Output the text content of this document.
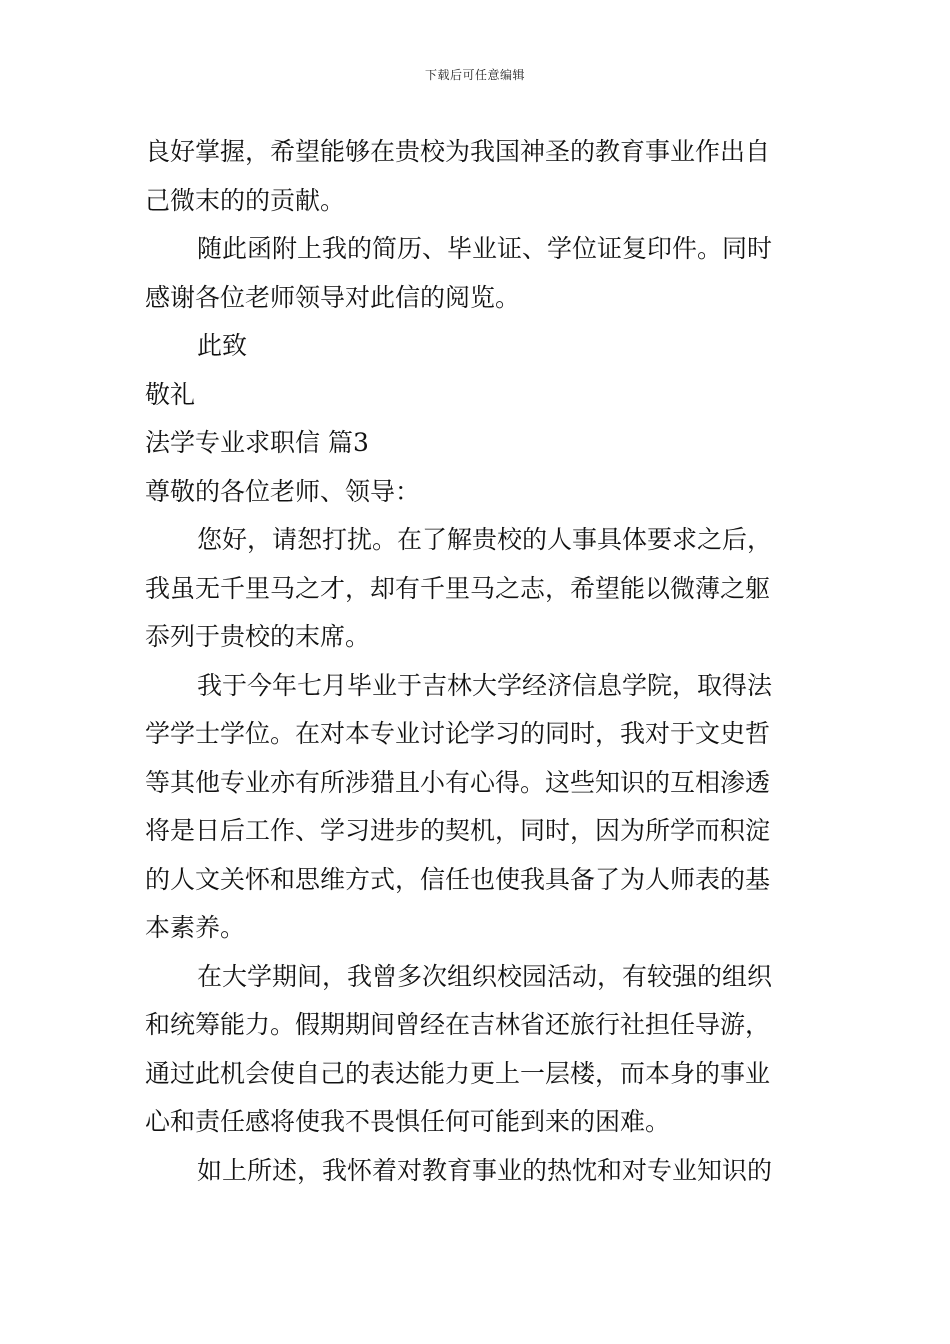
下载后可任意编辑
良好掌握，希望能够在贵校为我国神圣的教育事业作出自
己微末的的贡献。
随此函附上我的简历、毕业证、学位证复印件。同时
感谢各位老师领导对此信的阅览。
此致
敬礼
法学专业求职信 篇3
尊敬的各位老师、领导：
您好，请恕打扰。在了解贵校的人事具体要求之后，
我虽无千里马之才，却有千里马之志，希望能以微薄之躯
忝列于贵校的末席。
我于今年七月毕业于吉林大学经济信息学院，取得法
学学士学位。在对本专业讨论学习的同时，我对于文史哲
等其他专业亦有所涉猎且小有心得。这些知识的互相渗透
将是日后工作、学习进步的契机，同时，因为所学而积淀
的人文关怀和思维方式，信任也使我具备了为人师表的基
本素养。
在大学期间，我曾多次组织校园活动，有较强的组织
和统筹能力。假期期间曾经在吉林省还旅行社担任导游，
通过此机会使自己的表达能力更上一层楼，而本身的事业
心和责任感将使我不畏惧任何可能到来的困难。
如上所述，我怀着对教育事业的热忱和对专业知识的
